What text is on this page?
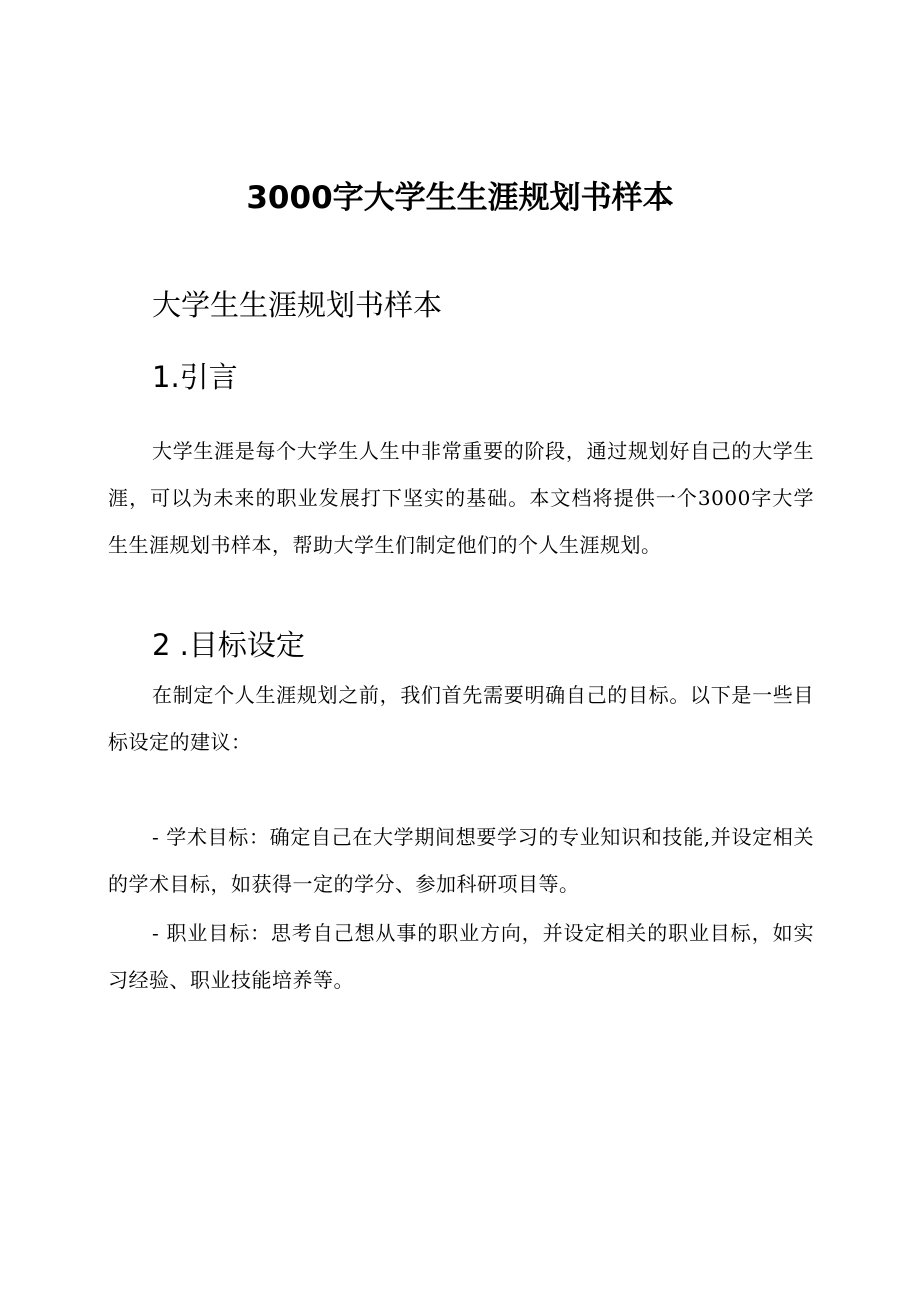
3000字大学生生涯规划书样本
大学生生涯规划书样本
1.引言

大学生涯是每个大学生人生中非常重要的阶段，通过规划好自己的大学生涯，可以为未来的职业发展打下坚实的基础。本文档将提供一个3000字大学生生涯规划书样本，帮助大学生们制定他们的个人生涯规划。

2 .目标设定

在制定个人生涯规划之前，我们首先需要明确自己的目标。以下是一些目标设定的建议：

- 学术目标：确定自己在大学期间想要学习的专业知识和技能,并设定相关的学术目标，如获得一定的学分、参加科研项目等。

- 职业目标：思考自己想从事的职业方向，并设定相关的职业目标，如实习经验、职业技能培养等。
